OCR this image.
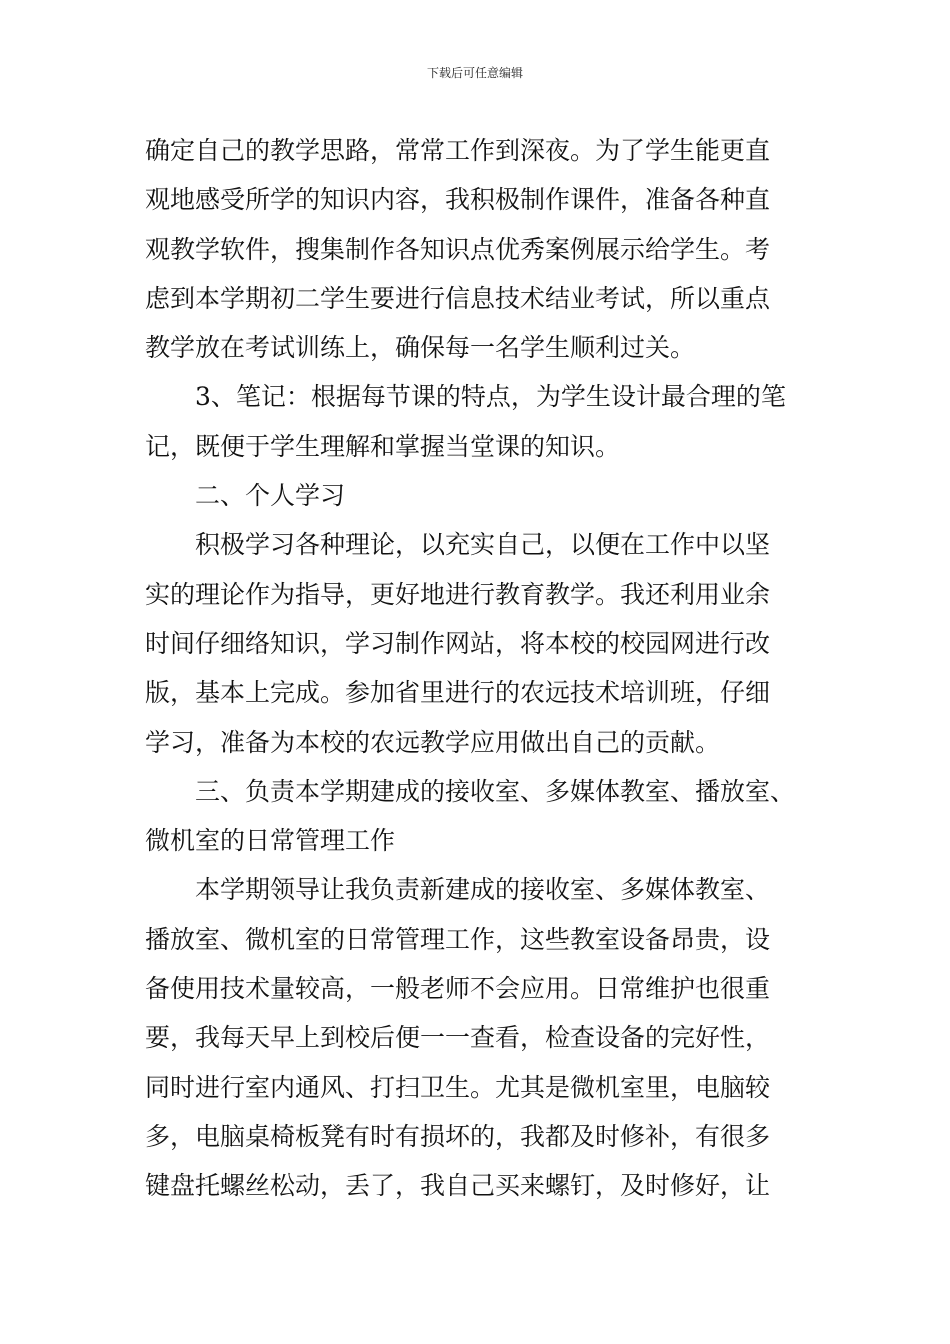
下载后可任意编辑
确定自己的教学思路，常常工作到深夜。为了学生能更直
观地感受所学的知识内容，我积极制作课件，准备各种直
观教学软件，搜集制作各知识点优秀案例展示给学生。考
虑到本学期初二学生要进行信息技术结业考试，所以重点
教学放在考试训练上，确保每一名学生顺利过关。
3、笔记：根据每节课的特点，为学生设计最合理的笔
记，既便于学生理解和掌握当堂课的知识。
二、个人学习
积极学习各种理论，以充实自己，以便在工作中以坚
实的理论作为指导，更好地进行教育教学。我还利用业余
时间仔细络知识，学习制作网站，将本校的校园网进行改
版，基本上完成。参加省里进行的农远技术培训班，仔细
学习，准备为本校的农远教学应用做出自己的贡献。
三、负责本学期建成的接收室、多媒体教室、播放室、
微机室的日常管理工作
本学期领导让我负责新建成的接收室、多媒体教室、
播放室、微机室的日常管理工作，这些教室设备昂贵，设
备使用技术量较高，一般老师不会应用。日常维护也很重
要，我每天早上到校后便一一查看，检查设备的完好性，
同时进行室内通风、打扫卫生。尤其是微机室里，电脑较
多，电脑桌椅板凳有时有损坏的，我都及时修补，有很多
键盘托螺丝松动，丢了，我自己买来螺钉，及时修好，让
